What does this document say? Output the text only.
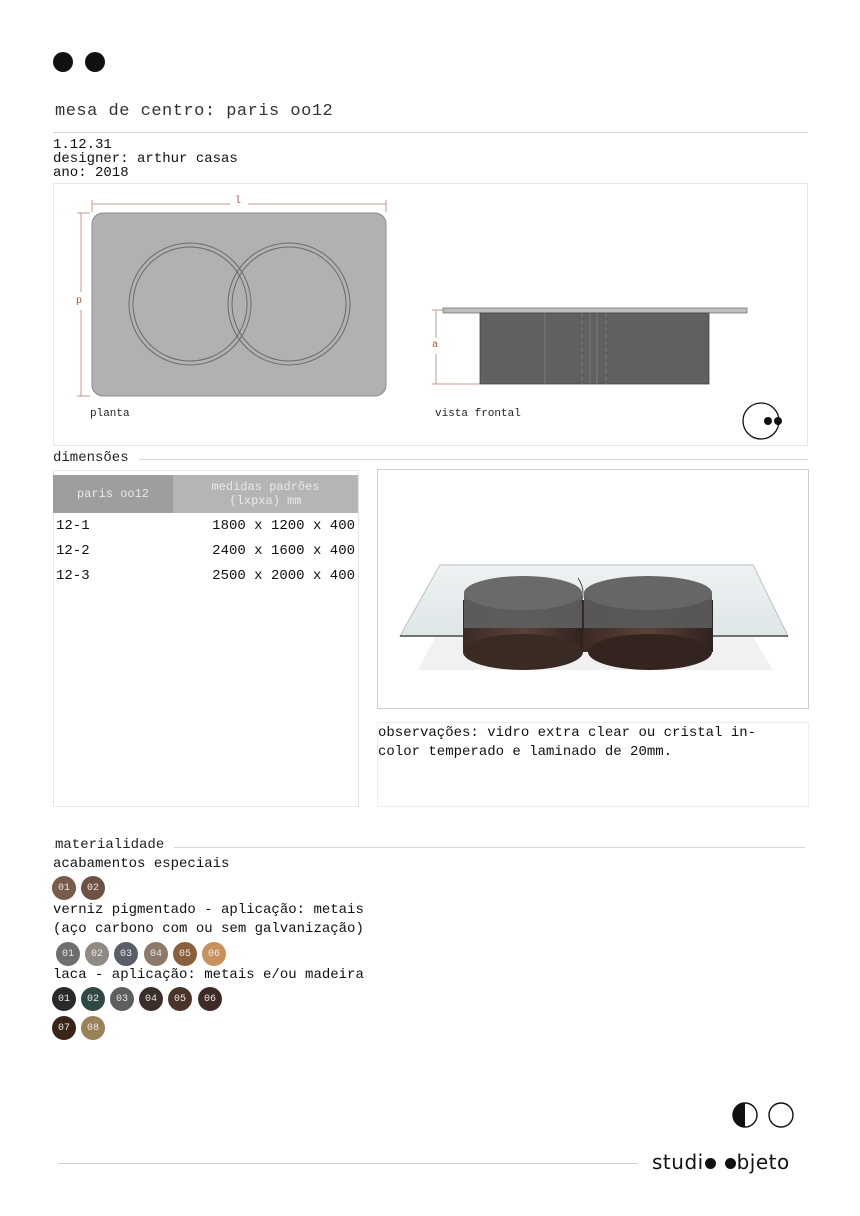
mesa de centro: paris oo12
1.12.31
designer: arthur casas
ano: 2018
l
p
planta
a
vista frontal
dimensões
paris oo12	medidas padrões
(lxpxa) mm

12-1	1800 x 1200 x 400
12-2	2400 x 1600 x 400
12-3	2500 x 2000 x 400
observações: vidro extra clear ou cristal in-
color temperado e laminado de 20mm.
materialidade
acabamentos especiais
01	02
verniz pigmentado - aplicação: metais
(aço carbono com ou sem galvanização)
01	02	03	04	05	06
laca - aplicação: metais e/ou madeira
01	02	03	04	05	06
07	08
studi bjeto
